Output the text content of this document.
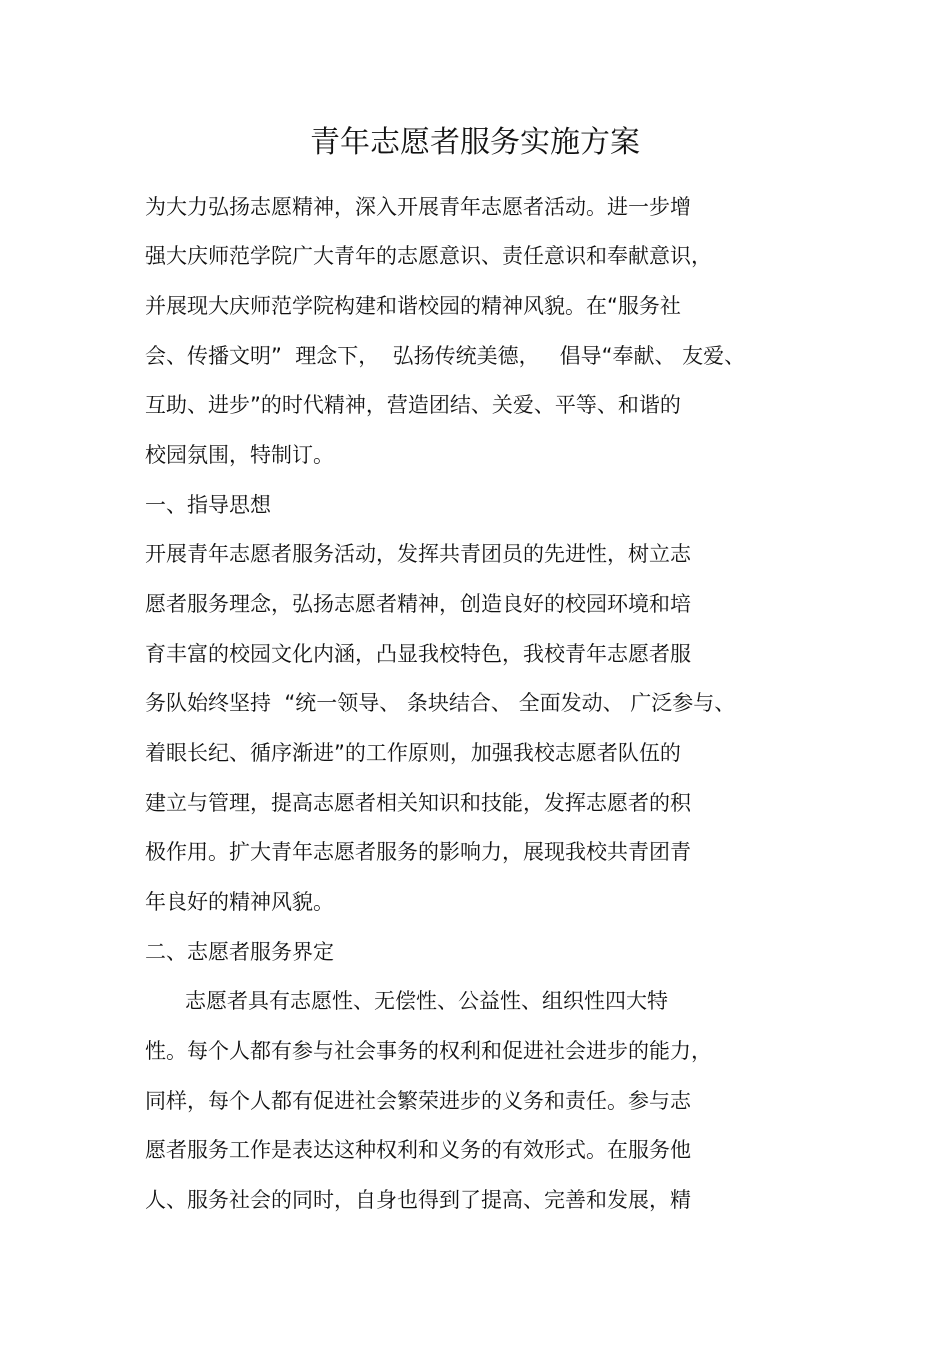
青年志愿者服务实施方案
为大力弘扬志愿精神，深入开展青年志愿者活动。进一步增
强大庆师范学院广大青年的志愿意识、责任意识和奉献意识，
并展现大庆师范学院构建和谐校园的精神风貌。在“服务社
会、传播文明”  理念下，  弘扬传统美德，   倡导“奉献、 友爱、
互助、进步”的时代精神，营造团结、关爱、平等、和谐的
校园氛围，特制订。
一、指导思想
开展青年志愿者服务活动，发挥共青团员的先进性，树立志
愿者服务理念，弘扬志愿者精神，创造良好的校园环境和培
育丰富的校园文化内涵，凸显我校特色，我校青年志愿者服
务队始终坚持  “统一领导、 条块结合、 全面发动、 广泛参与、
着眼长纪、循序渐进”的工作原则，加强我校志愿者队伍的
建立与管理，提高志愿者相关知识和技能，发挥志愿者的积
极作用。扩大青年志愿者服务的影响力，展现我校共青团青
年良好的精神风貌。
二、志愿者服务界定
志愿者具有志愿性、无偿性、公益性、组织性四大特
性。每个人都有参与社会事务的权利和促进社会进步的能力，
同样，每个人都有促进社会繁荣进步的义务和责任。参与志
愿者服务工作是表达这种权利和义务的有效形式。在服务他
人、服务社会的同时，自身也得到了提高、完善和发展，精
